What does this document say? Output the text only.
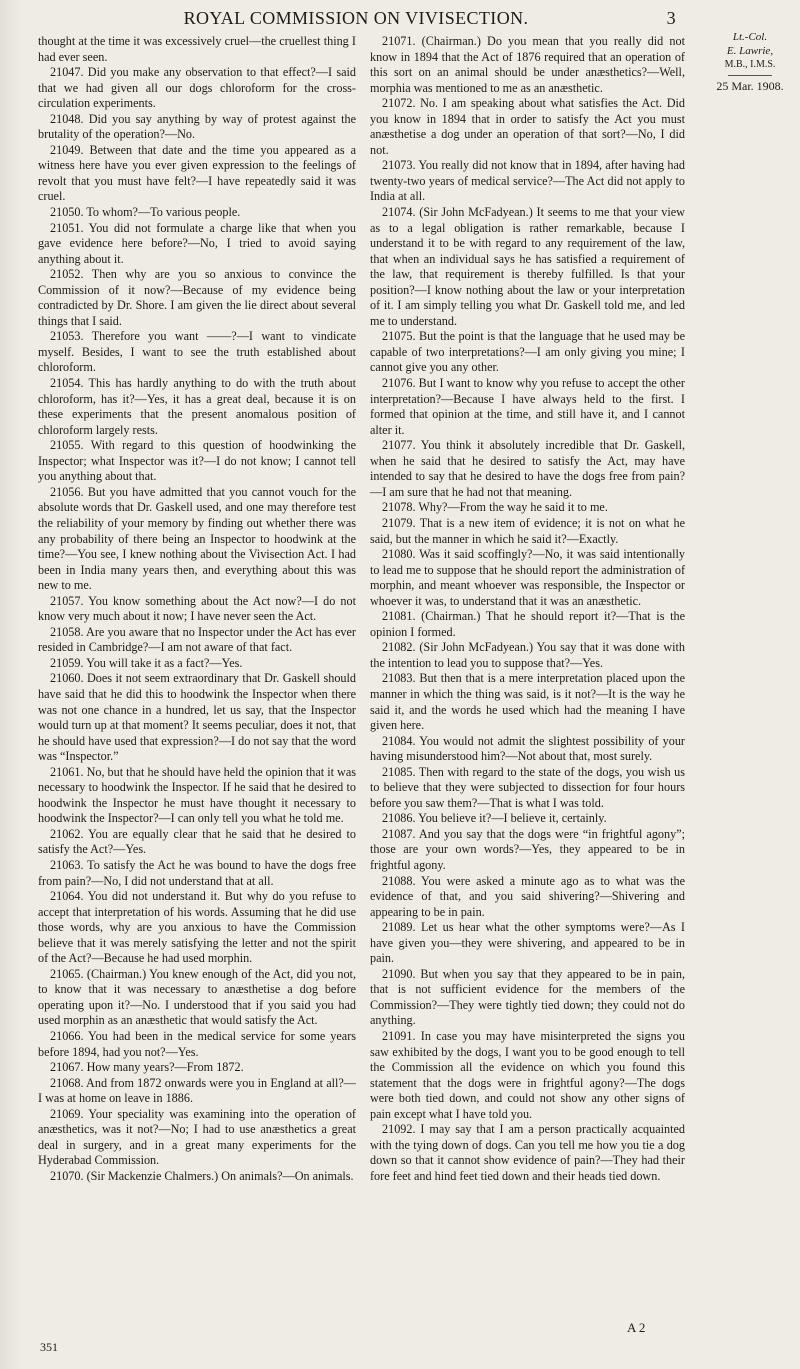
ROYAL COMMISSION ON VIVISECTION.	3

thought at the time it was excessively cruel—the cruellest thing I had ever seen.

21047. Did you make any observation to that effect?—I said that we had given all our dogs chloroform for the cross-circulation experiments.

21048. Did you say anything by way of protest against the brutality of the operation?—No.

21049. Between that date and the time you appeared as a witness here have you ever given expression to the feelings of revolt that you must have felt?—I have repeatedly said it was cruel.

21050. To whom?—To various people.

21051. You did not formulate a charge like that when you gave evidence here before?—No, I tried to avoid saying anything about it.

21052. Then why are you so anxious to convince the Commission of it now?—Because of my evidence being contradicted by Dr. Shore. I am given the lie direct about several things that I said.

21053. Therefore you want ——?—I want to vindicate myself. Besides, I want to see the truth established about chloroform.

21054. This has hardly anything to do with the truth about chloroform, has it?—Yes, it has a great deal, because it is on these experiments that the present anomalous position of chloroform largely rests.

21055. With regard to this question of hoodwinking the Inspector; what Inspector was it?—I do not know; I cannot tell you anything about that.

21056. But you have admitted that you cannot vouch for the absolute words that Dr. Gaskell used, and one may therefore test the reliability of your memory by finding out whether there was any probability of there being an Inspector to hoodwink at the time?—You see, I knew nothing about the Vivisection Act. I had been in India many years then, and everything about this was new to me.

21057. You know something about the Act now?—I do not know very much about it now; I have never seen the Act.

21058. Are you aware that no Inspector under the Act has ever resided in Cambridge?—I am not aware of that fact.

21059. You will take it as a fact?—Yes.

21060. Does it not seem extraordinary that Dr. Gaskell should have said that he did this to hoodwink the Inspector when there was not one chance in a hundred, let us say, that the Inspector would turn up at that moment? It seems peculiar, does it not, that he should have used that expression?—I do not say that the word was “Inspector.”

21061. No, but that he should have held the opinion that it was necessary to hoodwink the Inspector. If he said that he desired to hoodwink the Inspector he must have thought it necessary to hoodwink the Inspector?—I can only tell you what he told me.

21062. You are equally clear that he said that he desired to satisfy the Act?—Yes.

21063. To satisfy the Act he was bound to have the dogs free from pain?—No, I did not understand that at all.

21064. You did not understand it. But why do you refuse to accept that interpretation of his words. Assuming that he did use those words, why are you anxious to have the Commission believe that it was merely satisfying the letter and not the spirit of the Act?—Because he had used morphin.

21065. (Chairman.) You knew enough of the Act, did you not, to know that it was necessary to anæsthetise a dog before operating upon it?—No. I understood that if you said you had used morphin as an anæsthetic that would satisfy the Act.

21066. You had been in the medical service for some years before 1894, had you not?—Yes.

21067. How many years?—From 1872.

21068. And from 1872 onwards were you in England at all?—I was at home on leave in 1886.

21069. Your speciality was examining into the operation of anæsthetics, was it not?—No; I had to use anæsthetics a great deal in surgery, and in a great many experiments for the Hyderabad Commission.

21070. (Sir Mackenzie Chalmers.) On animals?—On animals.

21071. (Chairman.) Do you mean that you really did not know in 1894 that the Act of 1876 required that an operation of this sort on an animal should be under anæsthetics?—Well, morphia was mentioned to me as an anæsthetic.

21072. No. I am speaking about what satisfies the Act. Did you know in 1894 that in order to satisfy the Act you must anæsthetise a dog under an operation of that sort?—No, I did not.

21073. You really did not know that in 1894, after having had twenty-two years of medical service?—The Act did not apply to India at all.

21074. (Sir John McFadyean.) It seems to me that your view as to a legal obligation is rather remarkable, because I understand it to be with regard to any requirement of the law, that when an individual says he has satisfied a requirement of the law, that requirement is thereby fulfilled. Is that your position?—I know nothing about the law or your interpretation of it. I am simply telling you what Dr. Gaskell told me, and led me to understand.

21075. But the point is that the language that he used may be capable of two interpretations?—I am only giving you mine; I cannot give you any other.

21076. But I want to know why you refuse to accept the other interpretation?—Because I have always held to the first. I formed that opinion at the time, and still have it, and I cannot alter it.

21077. You think it absolutely incredible that Dr. Gaskell, when he said that he desired to satisfy the Act, may have intended to say that he desired to have the dogs free from pain?—I am sure that he had not that meaning.

21078. Why?—From the way he said it to me.

21079. That is a new item of evidence; it is not on what he said, but the manner in which he said it?—Exactly.

21080. Was it said scoffingly?—No, it was said intentionally to lead me to suppose that he should report the administration of morphin, and meant whoever was responsible, the Inspector or whoever it was, to understand that it was an anæsthetic.

21081. (Chairman.) That he should report it?—That is the opinion I formed.

21082. (Sir John McFadyean.) You say that it was done with the intention to lead you to suppose that?—Yes.

21083. But then that is a mere interpretation placed upon the manner in which the thing was said, is it not?—It is the way he said it, and the words he used which had the meaning I have given here.

21084. You would not admit the slightest possibility of your having misunderstood him?—Not about that, most surely.

21085. Then with regard to the state of the dogs, you wish us to believe that they were subjected to dissection for four hours before you saw them?—That is what I was told.

21086. You believe it?—I believe it, certainly.

21087. And you say that the dogs were “in frightful agony”; those are your own words?—Yes, they appeared to be in frightful agony.

21088. You were asked a minute ago as to what was the evidence of that, and you said shivering?—Shivering and appearing to be in pain.

21089. Let us hear what the other symptoms were?—As I have given you—they were shivering, and appeared to be in pain.

21090. But when you say that they appeared to be in pain, that is not sufficient evidence for the members of the Commission?—They were tightly tied down; they could not do anything.

21091. In case you may have misinterpreted the signs you saw exhibited by the dogs, I want you to be good enough to tell the Commission all the evidence on which you found this statement that the dogs were in frightful agony?—The dogs were both tied down, and could not show any other signs of pain except what I have told you.

21092. I may say that I am a person practically acquainted with the tying down of dogs. Can you tell me how you tie a dog down so that it cannot show evidence of pain?—They had their fore feet and hind feet tied down and their heads tied down.

Lt.-Col.
E. Lawrie,
M.B., I.M.S.
25 Mar. 1908.
351
A 2
